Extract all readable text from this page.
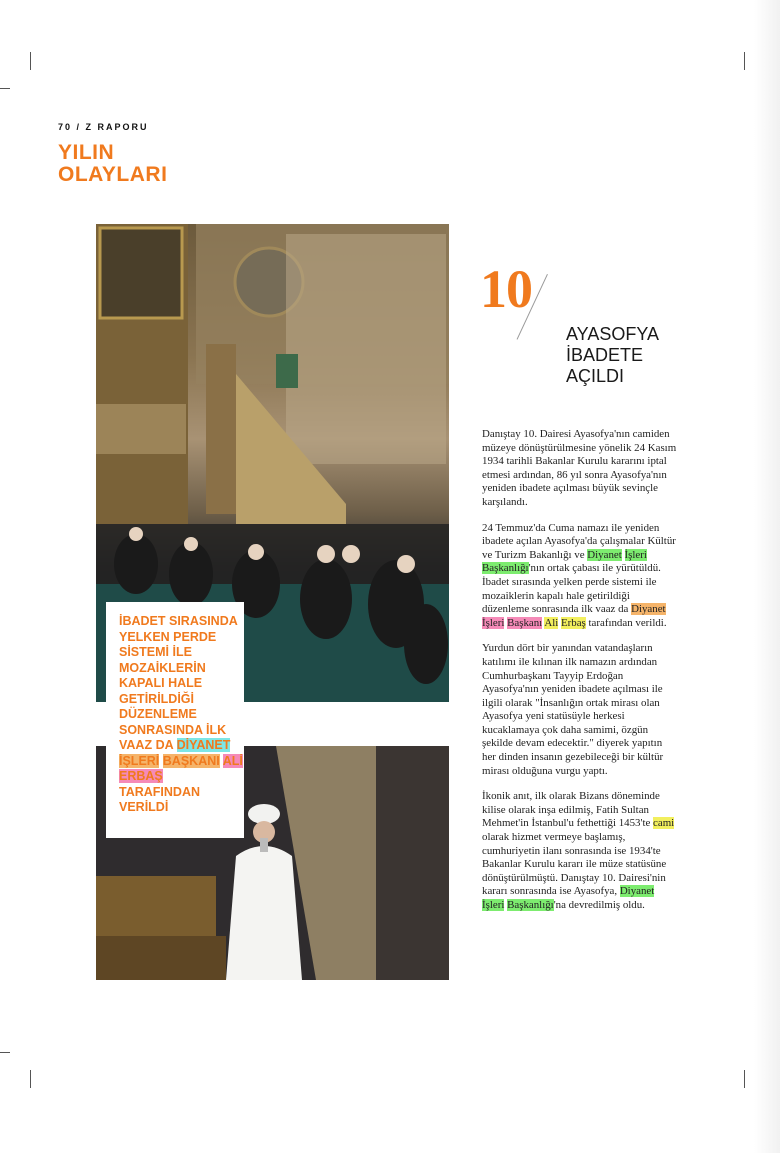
70 / Z RAPORU
YILIN
OLAYLARI
İBADET SIRASINDA YELKEN PERDE SİSTEMİ İLE MOZAİKLERİN KAPALI HALE GETİRİLDİĞİ DÜZENLEME SONRASINDA İLK VAAZ DA DİYANET İŞLERİ BAŞKANI ALİ ERBAŞ TARAFINDAN VERİLDİ
10
AYASOFYA
İBADETE
AÇILDI

Danıştay 10. Dairesi Ayasofya'nın camiden müzeye dönüştürülmesine yönelik 24 Kasım 1934 tarihli Bakanlar Kurulu kararını iptal etmesi ardından, 86 yıl sonra Ayasofya'nın yeniden ibadete açılması büyük sevinçle karşılandı.

24 Temmuz'da Cuma namazı ile yeniden ibadete açılan Ayasofya'da çalışmalar Kültür ve Turizm Bakanlığı ve Diyanet İşleri Başkanlığı'nın ortak çabası ile yürütüldü. İbadet sırasında yelken perde sistemi ile mozaiklerin kapalı hale getirildiği düzenleme sonrasında ilk vaaz da Diyanet İşleri Başkanı Ali Erbaş tarafından verildi.

Yurdun dört bir yanından vatandaşların katılımı ile kılınan ilk namazın ardından Cumhurbaşkanı Tayyip Erdoğan Ayasofya'nın yeniden ibadete açılması ile ilgili olarak "İnsanlığın ortak mirası olan Ayasofya yeni statüsüyle herkesi kucaklamaya çok daha samimi, özgün şekilde devam edecektir." diyerek yapıtın her dinden insanın gezebileceği bir kültür mirası olduğuna vurgu yaptı.

İkonik anıt, ilk olarak Bizans döneminde kilise olarak inşa edilmiş, Fatih Sultan Mehmet'in İstanbul'u fethettiği 1453'te cami olarak hizmet vermeye başlamış, cumhuriyetin ilanı sonrasında ise 1934'te Bakanlar Kurulu kararı ile müze statüsüne dönüştürülmüştü. Danıştay 10. Dairesi'nin kararı sonrasında ise Ayasofya, Diyanet İşleri Başkanlığı'na devredilmiş oldu.
